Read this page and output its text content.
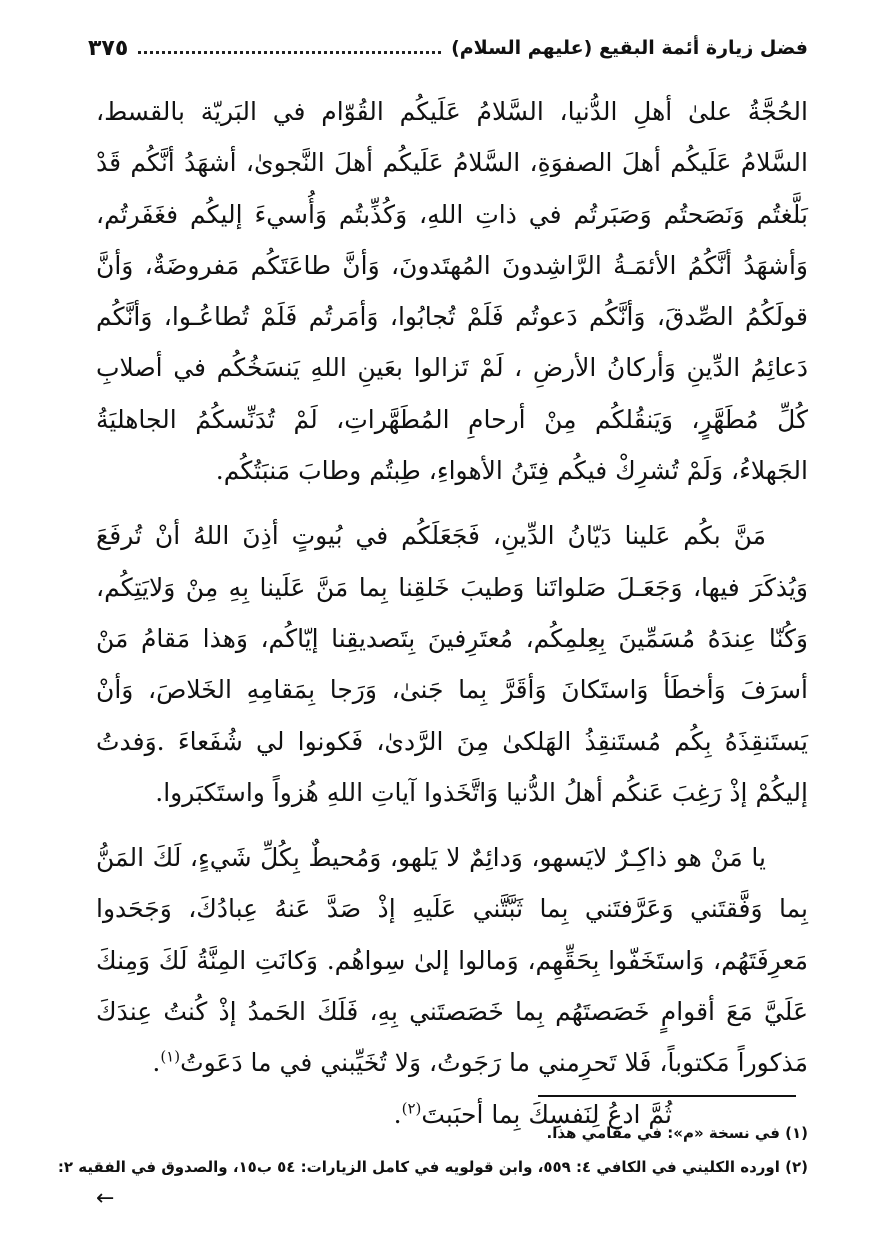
فضل زيارة أئمة البقيع (عليهم السلام)
٣٧٥

الحُجَّةُ علىٰ أهلِ الدُّنيا، السَّلامُ عَلَيكُم القُوّام في البَريّة بالقسط، السَّلامُ عَلَيكُم أهلَ الصفوَةِ، السَّلامُ عَلَيكُم أهلَ النَّجوىٰ، أشهَدُ أنَّكُم قَدْ بَلَّغتُم وَنَصَحتُم وَصَبَرتُم في ذاتِ اللهِ، وَكُذِّبتُم وَأُسيءَ إليكُم فغَفَرتُم، وَأشهَدُ أنَّكُمُ الأئمَـةُ الرَّاشِدونَ المُهتَدونَ، وَأنَّ طاعَتَكُم مَفروضَةٌ، وَأنَّ قولَكُمُ الصِّدقَ، وَأنَّكُم دَعوتُم فَلَمْ تُجابُوا، وَأمَرتُم فَلَمْ تُطاعُـوا، وَأنَّكُم دَعائِمُ الدِّينِ وَأركانُ الأرضِ ، لَمْ تَزالوا بعَينِ اللهِ يَنسَخُكُم في أصلابِ كُلِّ مُطَهَّرٍ، وَيَنقُلكُم مِنْ أرحامِ المُطَهَّراتِ، لَمْ تُدَنِّسكُمُ الجاهليَةُ الجَهلاءُ، وَلَمْ تُشرِكْ فيكُم فِتَنُ الأهواءِ، طِبتُم وطابَ مَنبَتُكُم.

مَنَّ بكُم عَلينا دَيّانُ الدِّينِ، فَجَعَلَكُم في بُيوتٍ أذِنَ اللهُ أنْ تُرفَعَ وَيُذكَرَ فيها، وَجَعَـلَ صَلواتَنا وَطيبَ خَلقِنا بِما مَنَّ عَلَينا بِهِ مِنْ وَلايَتِكُم، وَكُنّا عِندَهُ مُسَمِّينَ بِعِلمِكُم، مُعتَرِفينَ بِتَصديقِنا إيّاكُم، وَهذا مَقامُ مَنْ أسرَفَ وَأخطَأ وَاستَكانَ وَأقَرَّ بِما جَنىٰ، وَرَجا بِمَقامِهِ الخَلاصَ، وَأنْ يَستَنقِذَهُ بِكُم مُستَنقِذُ الهَلكىٰ مِنَ الرَّدىٰ، فَكونوا لي شُفَعاءَ .وَفدتُ إليكُمْ إذْ رَغِبَ عَنكُم أهلُ الدُّنيا وَاتَّخَذوا آياتِ اللهِ هُزواً واستَكبَروا.

يا مَنْ هو ذاكِـرٌ لايَسهو، وَدائِمٌ لا يَلهو، وَمُحيطٌ بِكُلِّ شَيءٍ، لَكَ المَنُّ بِما وَفَّقتَني وَعَرَّفتَني بِما ثَبَّتَّني عَلَيهِ إذْ صَدَّ عَنهُ عِبادُكَ، وَجَحَدوا مَعرِفَتَهُم، وَاستَخَفّوا بِحَقِّهِم، وَمالوا إلىٰ سِواهُم. وَكانَتِ المِنَّةُ لَكَ وَمِنكَ عَلَيَّ مَعَ أقوامٍ خَصَصتَهُم بِما خَصَصتَني بِهِ، فَلَكَ الحَمدُ إذْ كُنتُ عِندَكَ مَذكوراً مَكتوباً، فَلا تَحرِمني ما رَجَوتُ، وَلا تُخَيِّبني في ما دَعَوتُ$^{(١)}$.

ثُمَّ ادعُ لِنَفسِكَ بِما أحبَبتَ$^{(٢)}$.

(١) في نسخة «م»: في مقامي هذا.

(٢) اورده الكليني في الكافي ٤: ٥٥٩، وابن قولويه في كامل الزيارات: ٥٤ ب١٥، والصدوق في الفقيه ٢:

←
